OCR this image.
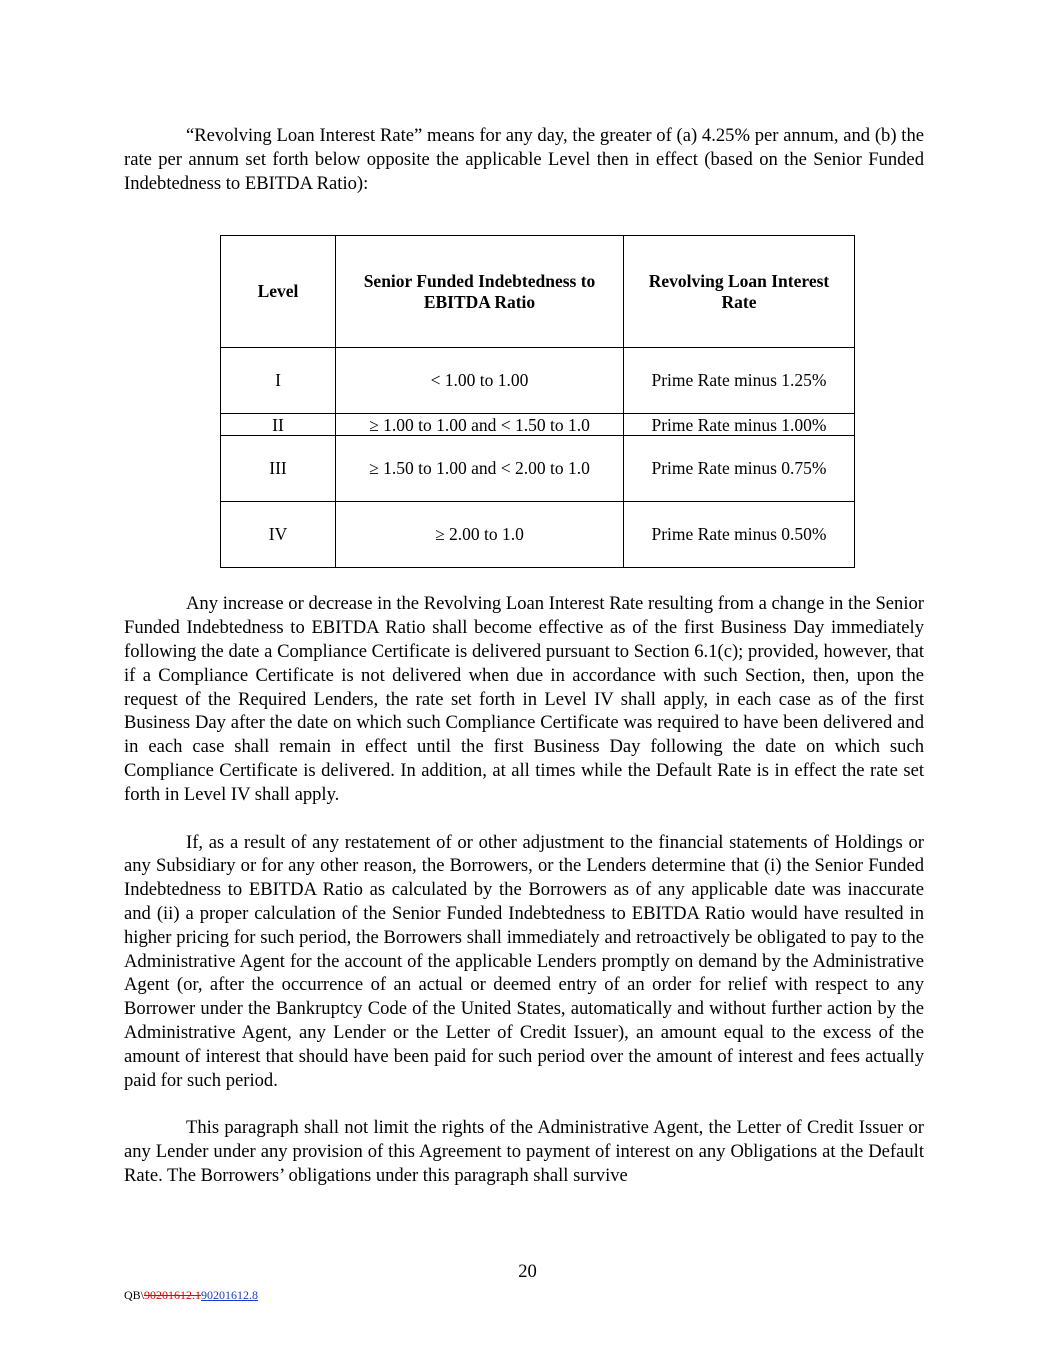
“Revolving Loan Interest Rate” means for any day, the greater of (a) 4.25% per annum, and (b) the rate per annum set forth below opposite the applicable Level then in effect (based on the Senior Funded Indebtedness to EBITDA Ratio):

Level	Senior Funded Indebtedness to EBITDA Ratio	Revolving Loan Interest Rate
I	< 1.00 to 1.00	Prime Rate minus 1.25%
II	≥ 1.00 to 1.00 and < 1.50 to 1.0	Prime Rate minus 1.00%
III	≥ 1.50 to 1.00 and < 2.00 to 1.0	Prime Rate minus 0.75%
IV	≥ 2.00 to 1.0	Prime Rate minus 0.50%

Any increase or decrease in the Revolving Loan Interest Rate resulting from a change in the Senior Funded Indebtedness to EBITDA Ratio shall become effective as of the first Business Day immediately following the date a Compliance Certificate is delivered pursuant to Section 6.1(c); provided, however, that if a Compliance Certificate is not delivered when due in accordance with such Section, then, upon the request of the Required Lenders, the rate set forth in Level IV shall apply, in each case as of the first Business Day after the date on which such Compliance Certificate was required to have been delivered and in each case shall remain in effect until the first Business Day following the date on which such Compliance Certificate is delivered. In addition, at all times while the Default Rate is in effect the rate set forth in Level IV shall apply.

If, as a result of any restatement of or other adjustment to the financial statements of Holdings or any Subsidiary or for any other reason, the Borrowers, or the Lenders determine that (i) the Senior Funded Indebtedness to EBITDA Ratio as calculated by the Borrowers as of any applicable date was inaccurate and (ii) a proper calculation of the Senior Funded Indebtedness to EBITDA Ratio would have resulted in higher pricing for such period, the Borrowers shall immediately and retroactively be obligated to pay to the Administrative Agent for the account of the applicable Lenders promptly on demand by the Administrative Agent (or, after the occurrence of an actual or deemed entry of an order for relief with respect to any Borrower under the Bankruptcy Code of the United States, automatically and without further action by the Administrative Agent, any Lender or the Letter of Credit Issuer), an amount equal to the excess of the amount of interest that should have been paid for such period over the amount of interest and fees actually paid for such period.

This paragraph shall not limit the rights of the Administrative Agent, the Letter of Credit Issuer or any Lender under any provision of this Agreement to payment of interest on any Obligations at the Default Rate. The Borrowers’ obligations under this paragraph shall survive

20
QB\90201612.190201612.8
